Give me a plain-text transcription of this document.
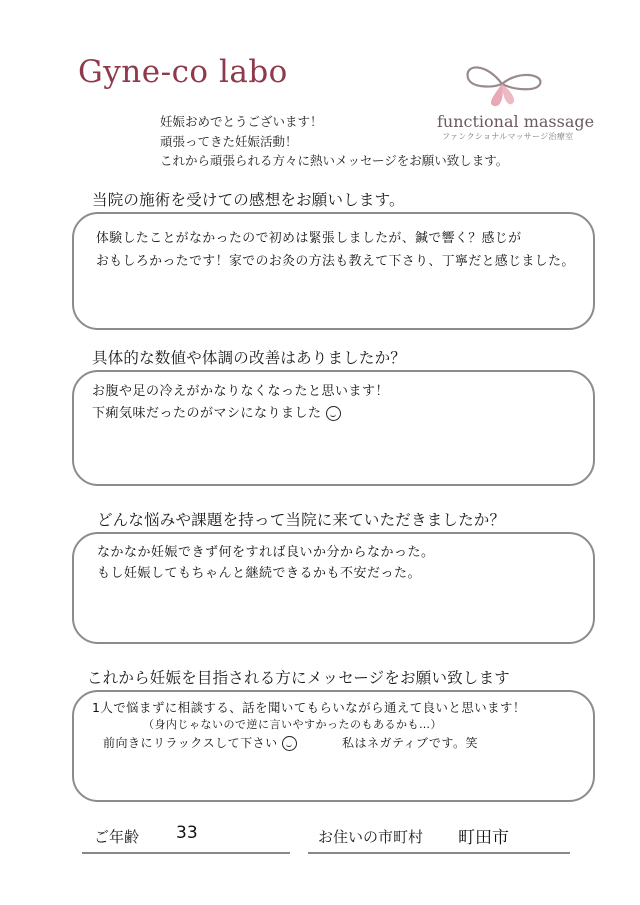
Gyne-co labo
functional massage
ファンクショナルマッサージ治療室
妊娠おめでとうございます！
頑張ってきた妊娠活動！
これから頑張られる方々に熱いメッセージをお願い致します。
当院の施術を受けての感想をお願いします。
体験したことがなかったので初めは緊張しましたが、鍼で響く？感じが
おもしろかったです！家でのお灸の方法も教えて下さり、丁寧だと感じました。
具体的な数値や体調の改善はありましたか？
お腹や足の冷えがかなりなくなったと思います！
下痢気味だったのがマシになりました
どんな悩みや課題を持って当院に来ていただきましたか？
なかなか妊娠できず何をすれば良いか分からなかった。
もし妊娠してもちゃんと継続できるかも不安だった。
これから妊娠を目指される方にメッセージをお願い致します
1人で悩まずに相談する、話を聞いてもらいながら通えて良いと思います！
（身内じゃないので逆に言いやすかったのもあるかも…）
前向きにリラックスして下さい	私はネガティブです。笑
ご年齢 33	お住いの市町村 町田市
